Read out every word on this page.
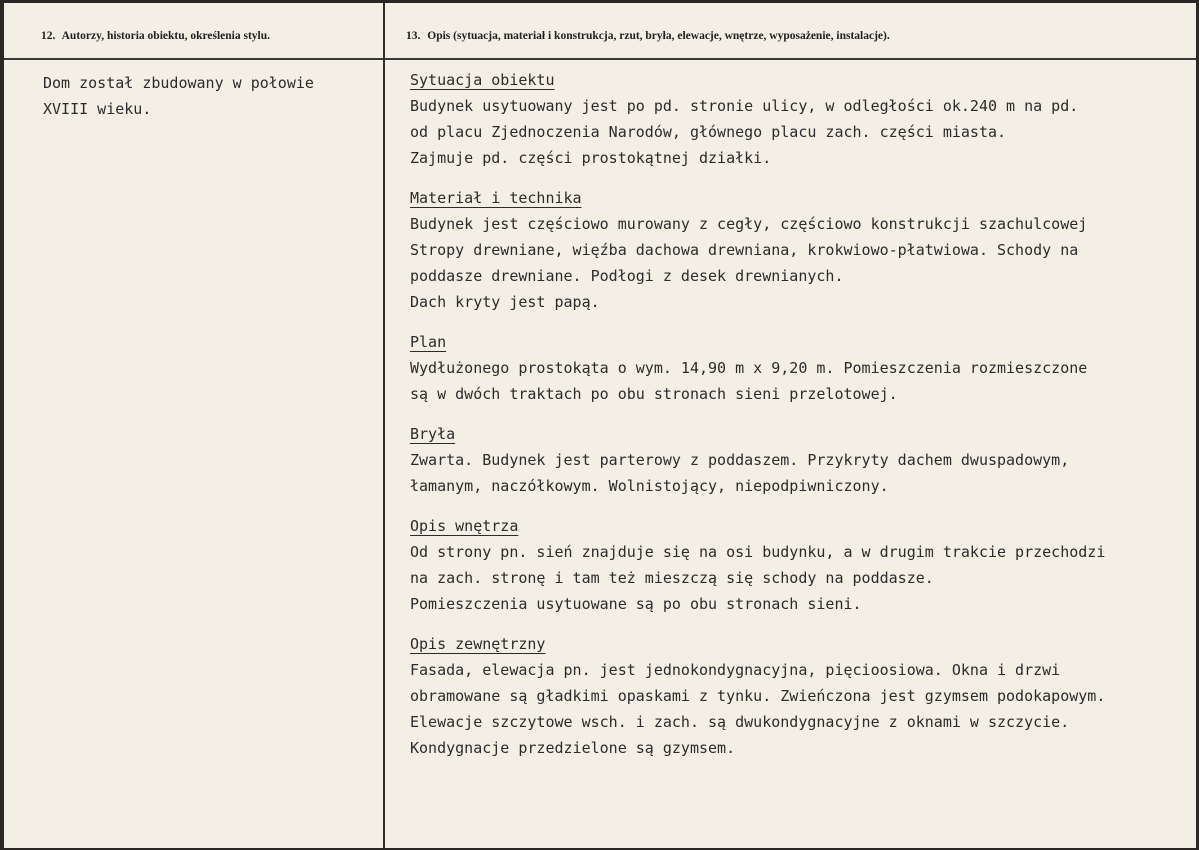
12. Autorzy, historia obiektu, określenia stylu.	13. Opis (sytuacja, materiał i konstrukcja, rzut, bryła, elewacje, wnętrze, wyposażenie, instalacje).
Dom został zbudowany w połowie
XVIII wieku.
Sytuacja obiektu
Budynek usytuowany jest po pd. stronie ulicy, w odległości ok.240 m na pd.
od placu Zjednoczenia Narodów, głównego placu zach. części miasta.
Zajmuje pd. części prostokątnej działki.
Materiał i technika
Budynek jest częściowo murowany z cegły, częściowo konstrukcji szachulcowej
Stropy drewniane, więźba dachowa drewniana, krokwiowo-płatwiowa. Schody na
poddasze drewniane. Podłogi z desek drewnianych.
Dach kryty jest papą.
Plan
Wydłużonego prostokąta o wym. 14,90 m x 9,20 m. Pomieszczenia rozmieszczone
są w dwóch traktach po obu stronach sieni przelotowej.
Bryła
Zwarta. Budynek jest parterowy z poddaszem. Przykryty dachem dwuspadowym,
łamanym, naczółkowym. Wolnistojący, niepodpiwniczony.
Opis wnętrza
Od strony pn. sień znajduje się na osi budynku, a w drugim trakcie przechodzi
na zach. stronę i tam też mieszczą się schody na poddasze.
Pomieszczenia usytuowane są po obu stronach sieni.
Opis zewnętrzny
Fasada, elewacja pn. jest jednokondygnacyjna, pięcioosiowa. Okna i drzwi
obramowane są gładkimi opaskami z tynku. Zwieńczona jest gzymsem podokapowym.
Elewacje szczytowe wsch. i zach. są dwukondygnacyjne z oknami w szczycie.
Kondygnacje przedzielone są gzymsem.
